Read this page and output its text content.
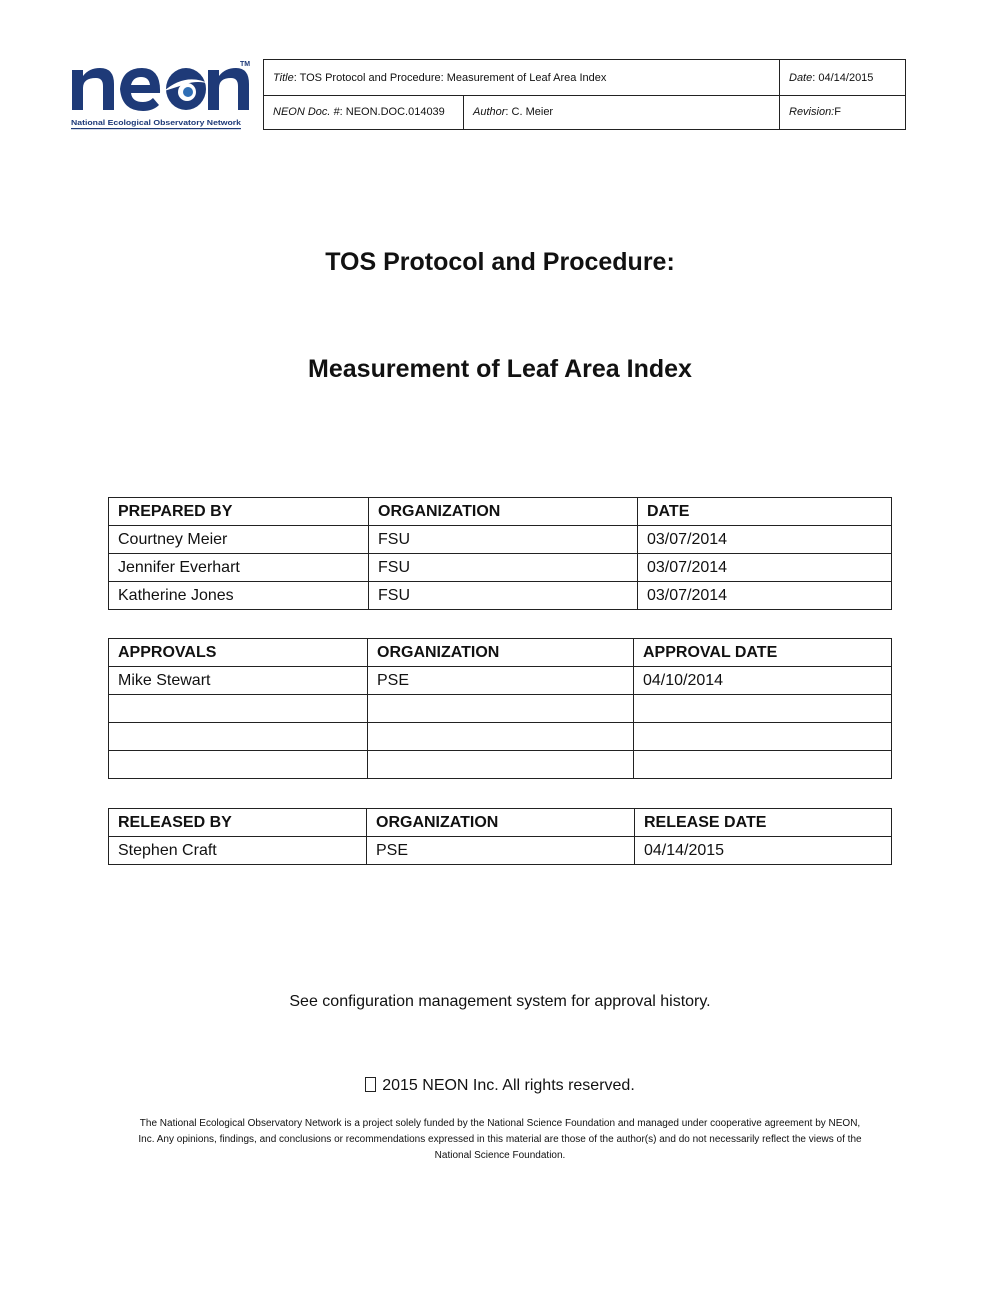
TM
National Ecological Observatory Network
Title : TOS Protocol and Procedure: Measurement of Leaf Area Index	Date : 04/14/2015
NEON Doc. # : NEON.DOC.014039	Author : C. Meier	Revision: F
TOS Protocol and Procedure:
Measurement of Leaf Area Index
PREPARED BY	ORGANIZATION	DATE
Courtney Meier	FSU	03/07/2014
Jennifer Everhart	FSU	03/07/2014
Katherine Jones	FSU	03/07/2014
APPROVALS	ORGANIZATION	APPROVAL DATE
Mike Stewart	PSE	04/10/2014

RELEASED BY	ORGANIZATION	RELEASE DATE
Stephen Craft	PSE	04/14/2015
See configuration management system for approval history.
2015 NEON Inc. All rights reserved.
The National Ecological Observatory Network is a project solely funded by the National Science Foundation and managed under cooperative agreement by NEON,
Inc. Any opinions, findings, and conclusions or recommendations expressed in this material are those of the author(s) and do not necessarily reflect the views of the
National Science Foundation.
